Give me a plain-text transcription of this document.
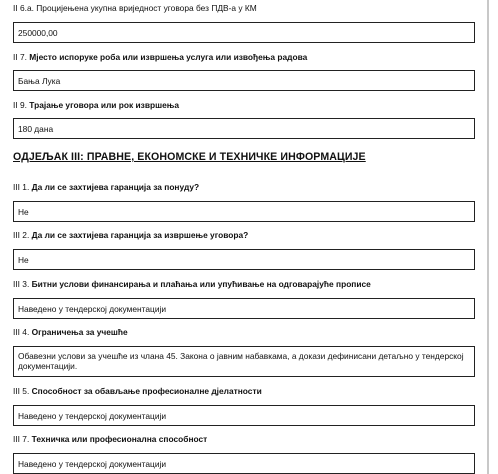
II 6.a. Процијењена укупна вриједност уговора без ПДВ-а у КМ
250000,00
II 7. Мјесто испоруке роба или извршења услуга или извођења радова
Бања Лука
II 9. Трајање уговора или рок извршења
180 дана
ОДЈЕЉАК III: ПРАВНЕ, ЕКОНОМСКЕ И ТЕХНИЧКЕ ИНФОРМАЦИЈЕ
III 1. Да ли се захтијева гаранција за понуду?
Не
III 2. Да ли се захтијева гаранција за извршење уговора?
Не
III 3. Битни услови финансирања и плаћања или упућивање на одговарајуће прописе
Наведено у тендерској документацији
III 4. Ограничења за учешће
Обавезни услови за учешће из члана 45. Закона о јавним набавкама, а докази дефинисани детаљно у тендерској
документацији.
III 5. Способност за обављање професионалне дјелатности
Наведено у тендерској документацији
III 7. Техничка или професионална способност
Наведено у тендерској документацији
